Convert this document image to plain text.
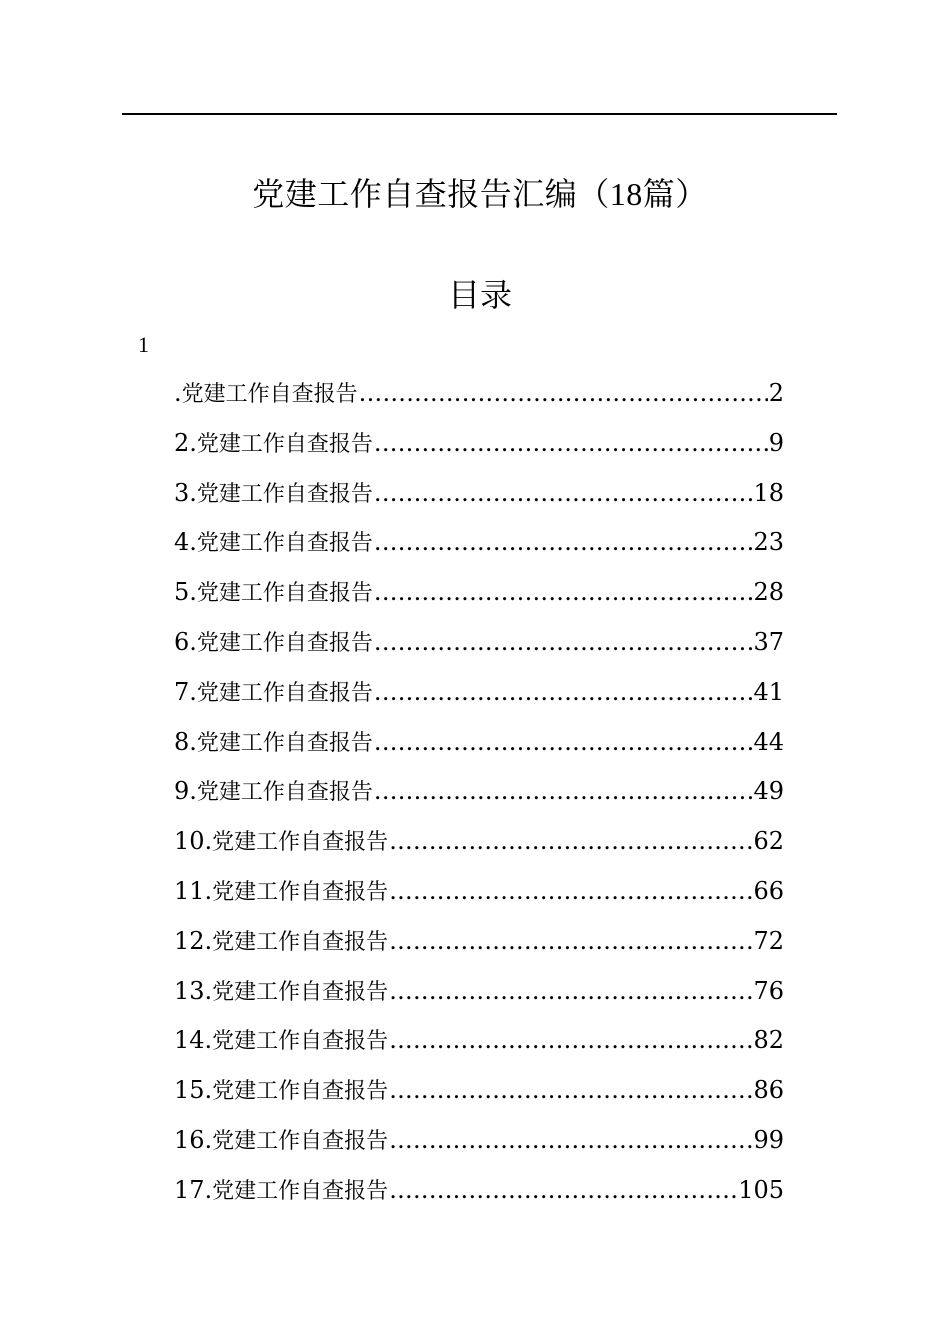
党建工作自查报告汇编（18篇）
目录
1
.党建工作自查报告 .....	2
2.党建工作自查报告 .....	9
3.党建工作自查报告 .....	18
4.党建工作自查报告 .....	23
5.党建工作自查报告 .....	28
6.党建工作自查报告 .....	37
7.党建工作自查报告 .....	41
8.党建工作自查报告 .....	44
9.党建工作自查报告 .....	49
10.党建工作自查报告 .....	62
11.党建工作自查报告 .....	66
12.党建工作自查报告 .....	72
13.党建工作自查报告 .....	76
14.党建工作自查报告 .....	82
15.党建工作自查报告 .....	86
16.党建工作自查报告 .....	99
17.党建工作自查报告 .....	105
